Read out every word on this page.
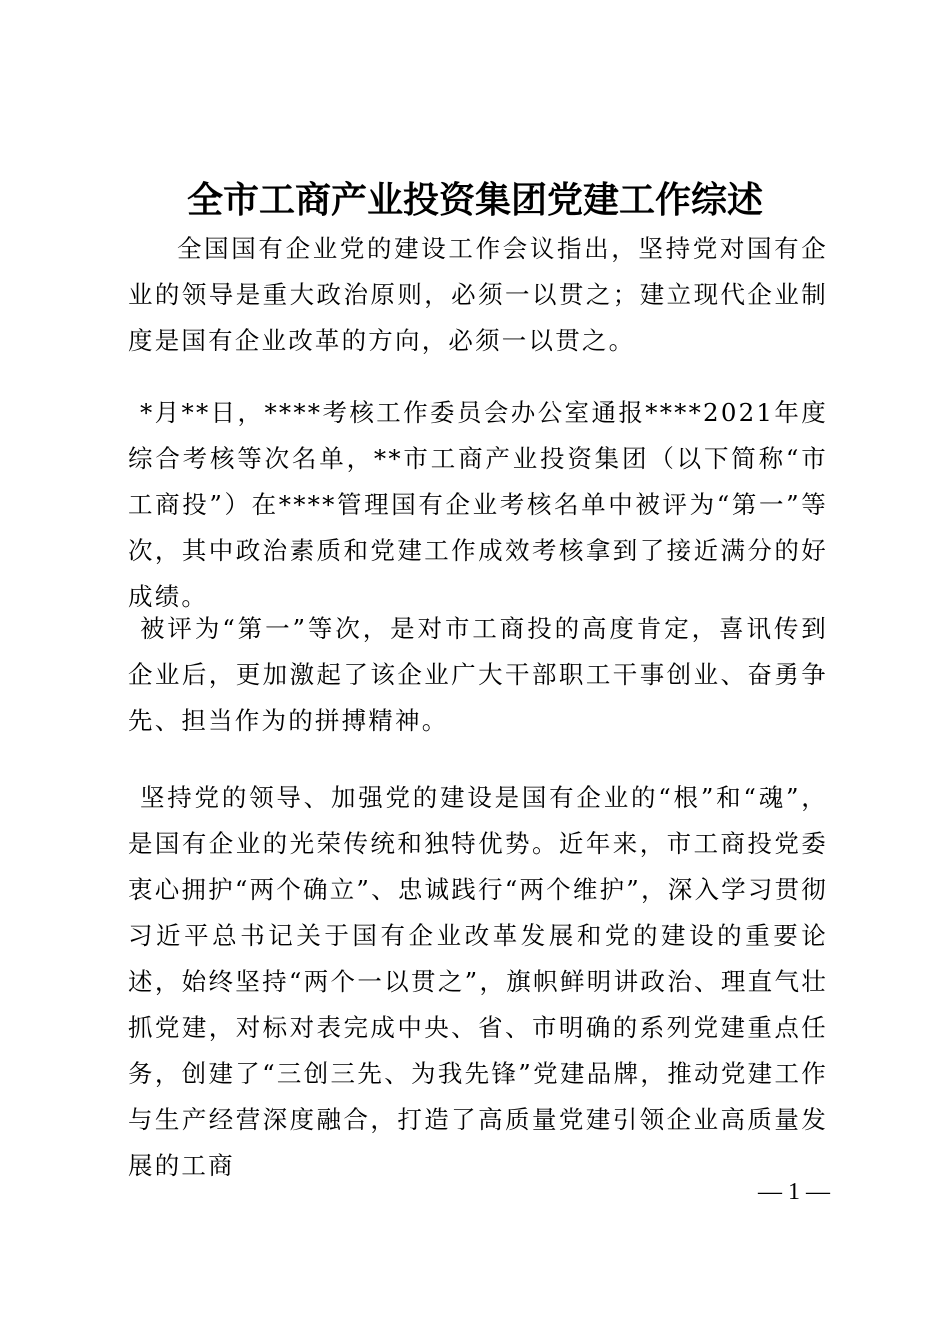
全市工商产业投资集团党建工作综述

全国国有企业党的建设工作会议指出，坚持党对国有企业的领导是重大政治原则，必须一以贯之；建立现代企业制度是国有企业改革的方向，必须一以贯之。

*月**日，****考核工作委员会办公室通报****2021年度综合考核等次名单，**市工商产业投资集团（以下简称“市工商投”）在****管理国有企业考核名单中被评为“第一”等次，其中政治素质和党建工作成效考核拿到了接近满分的好成绩。

被评为“第一”等次，是对市工商投的高度肯定，喜讯传到企业后，更加激起了该企业广大干部职工干事创业、奋勇争先、担当作为的拼搏精神。

坚持党的领导、加强党的建设是国有企业的“根”和“魂”，是国有企业的光荣传统和独特优势。近年来，市工商投党委衷心拥护“两个确立”、忠诚践行“两个维护”，深入学习贯彻习近平总书记关于国有企业改革发展和党的建设的重要论述，始终坚持“两个一以贯之”，旗帜鲜明讲政治、理直气壮抓党建，对标对表完成中央、省、市明确的系列党建重点任务，创建了“三创三先、为我先锋”党建品牌，推动党建工作与生产经营深度融合，打造了高质量党建引领企业高质量发展的工商

— 1 —
